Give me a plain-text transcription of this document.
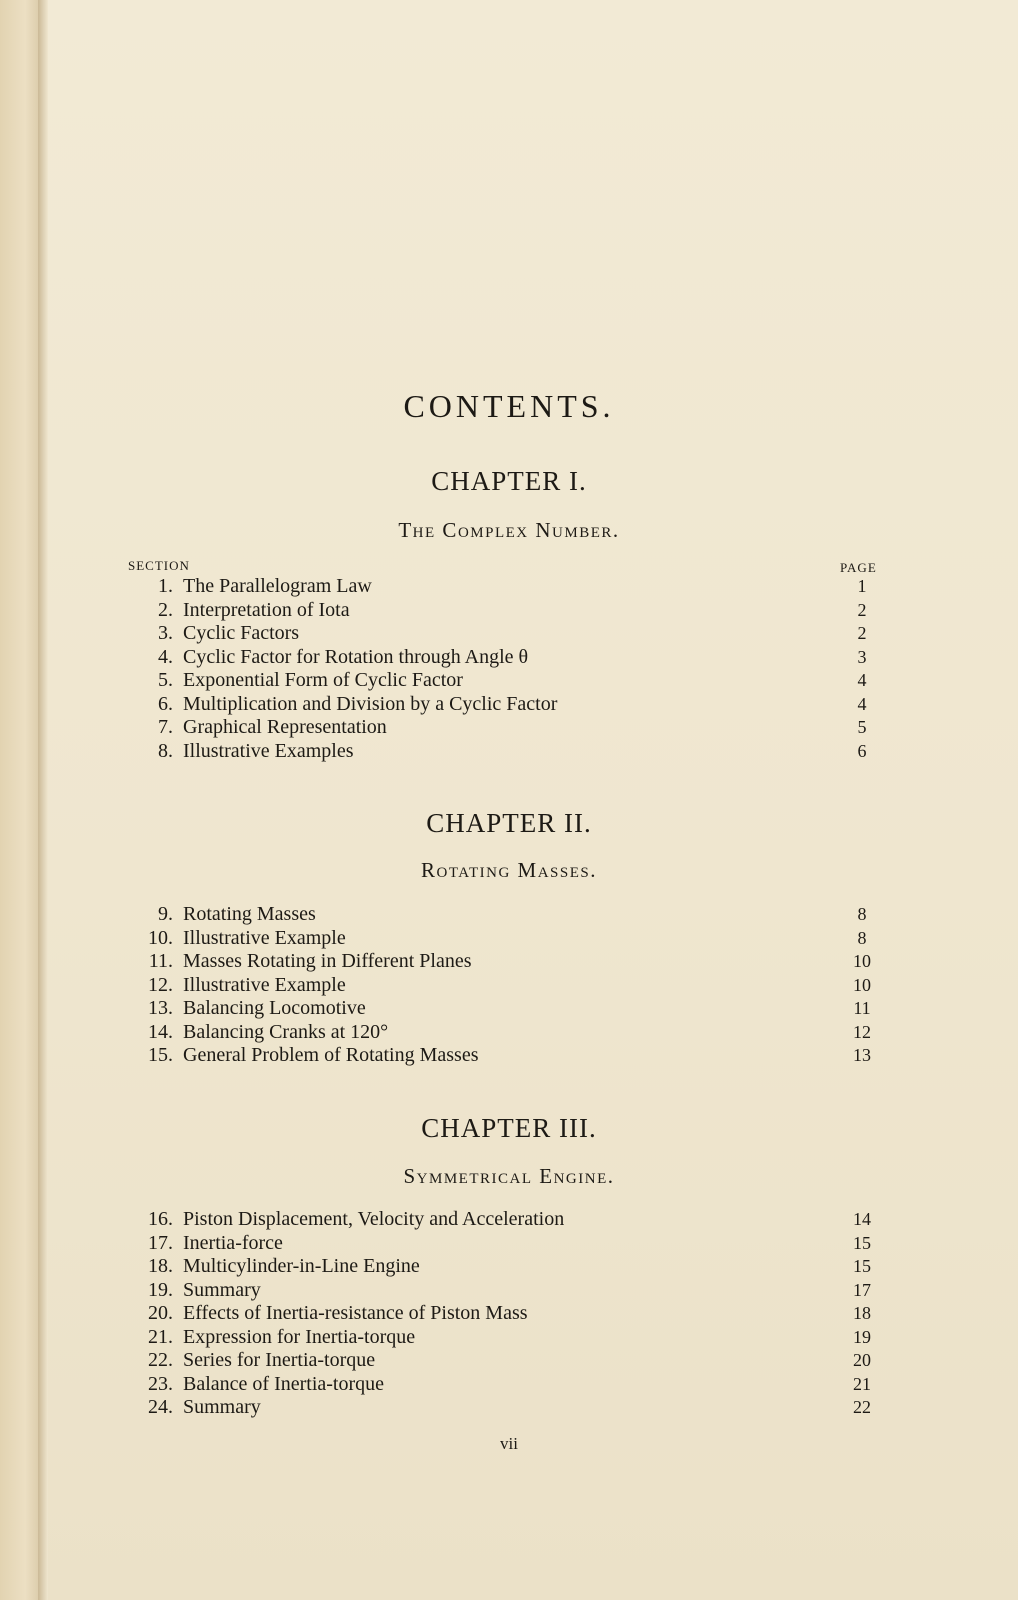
CONTENTS.
CHAPTER I.
The Complex Number.
SECTION	PAGE
1. The Parallelogram Law	1
2. Interpretation of Iota	2
3. Cyclic Factors	2
4. Cyclic Factor for Rotation through Angle θ	3
5. Exponential Form of Cyclic Factor	4
6. Multiplication and Division by a Cyclic Factor	4
7. Graphical Representation	5
8. Illustrative Examples	6
CHAPTER II.
Rotating Masses.
9. Rotating Masses	8
10. Illustrative Example	8
11. Masses Rotating in Different Planes	10
12. Illustrative Example	10
13. Balancing Locomotive	11
14. Balancing Cranks at 120°	12
15. General Problem of Rotating Masses	13
CHAPTER III.
Symmetrical Engine.
16. Piston Displacement, Velocity and Acceleration	14
17. Inertia-force	15
18. Multicylinder-in-Line Engine	15
19. Summary	17
20. Effects of Inertia-resistance of Piston Mass	18
21. Expression for Inertia-torque	19
22. Series for Inertia-torque	20
23. Balance of Inertia-torque	21
24. Summary	22
vii
